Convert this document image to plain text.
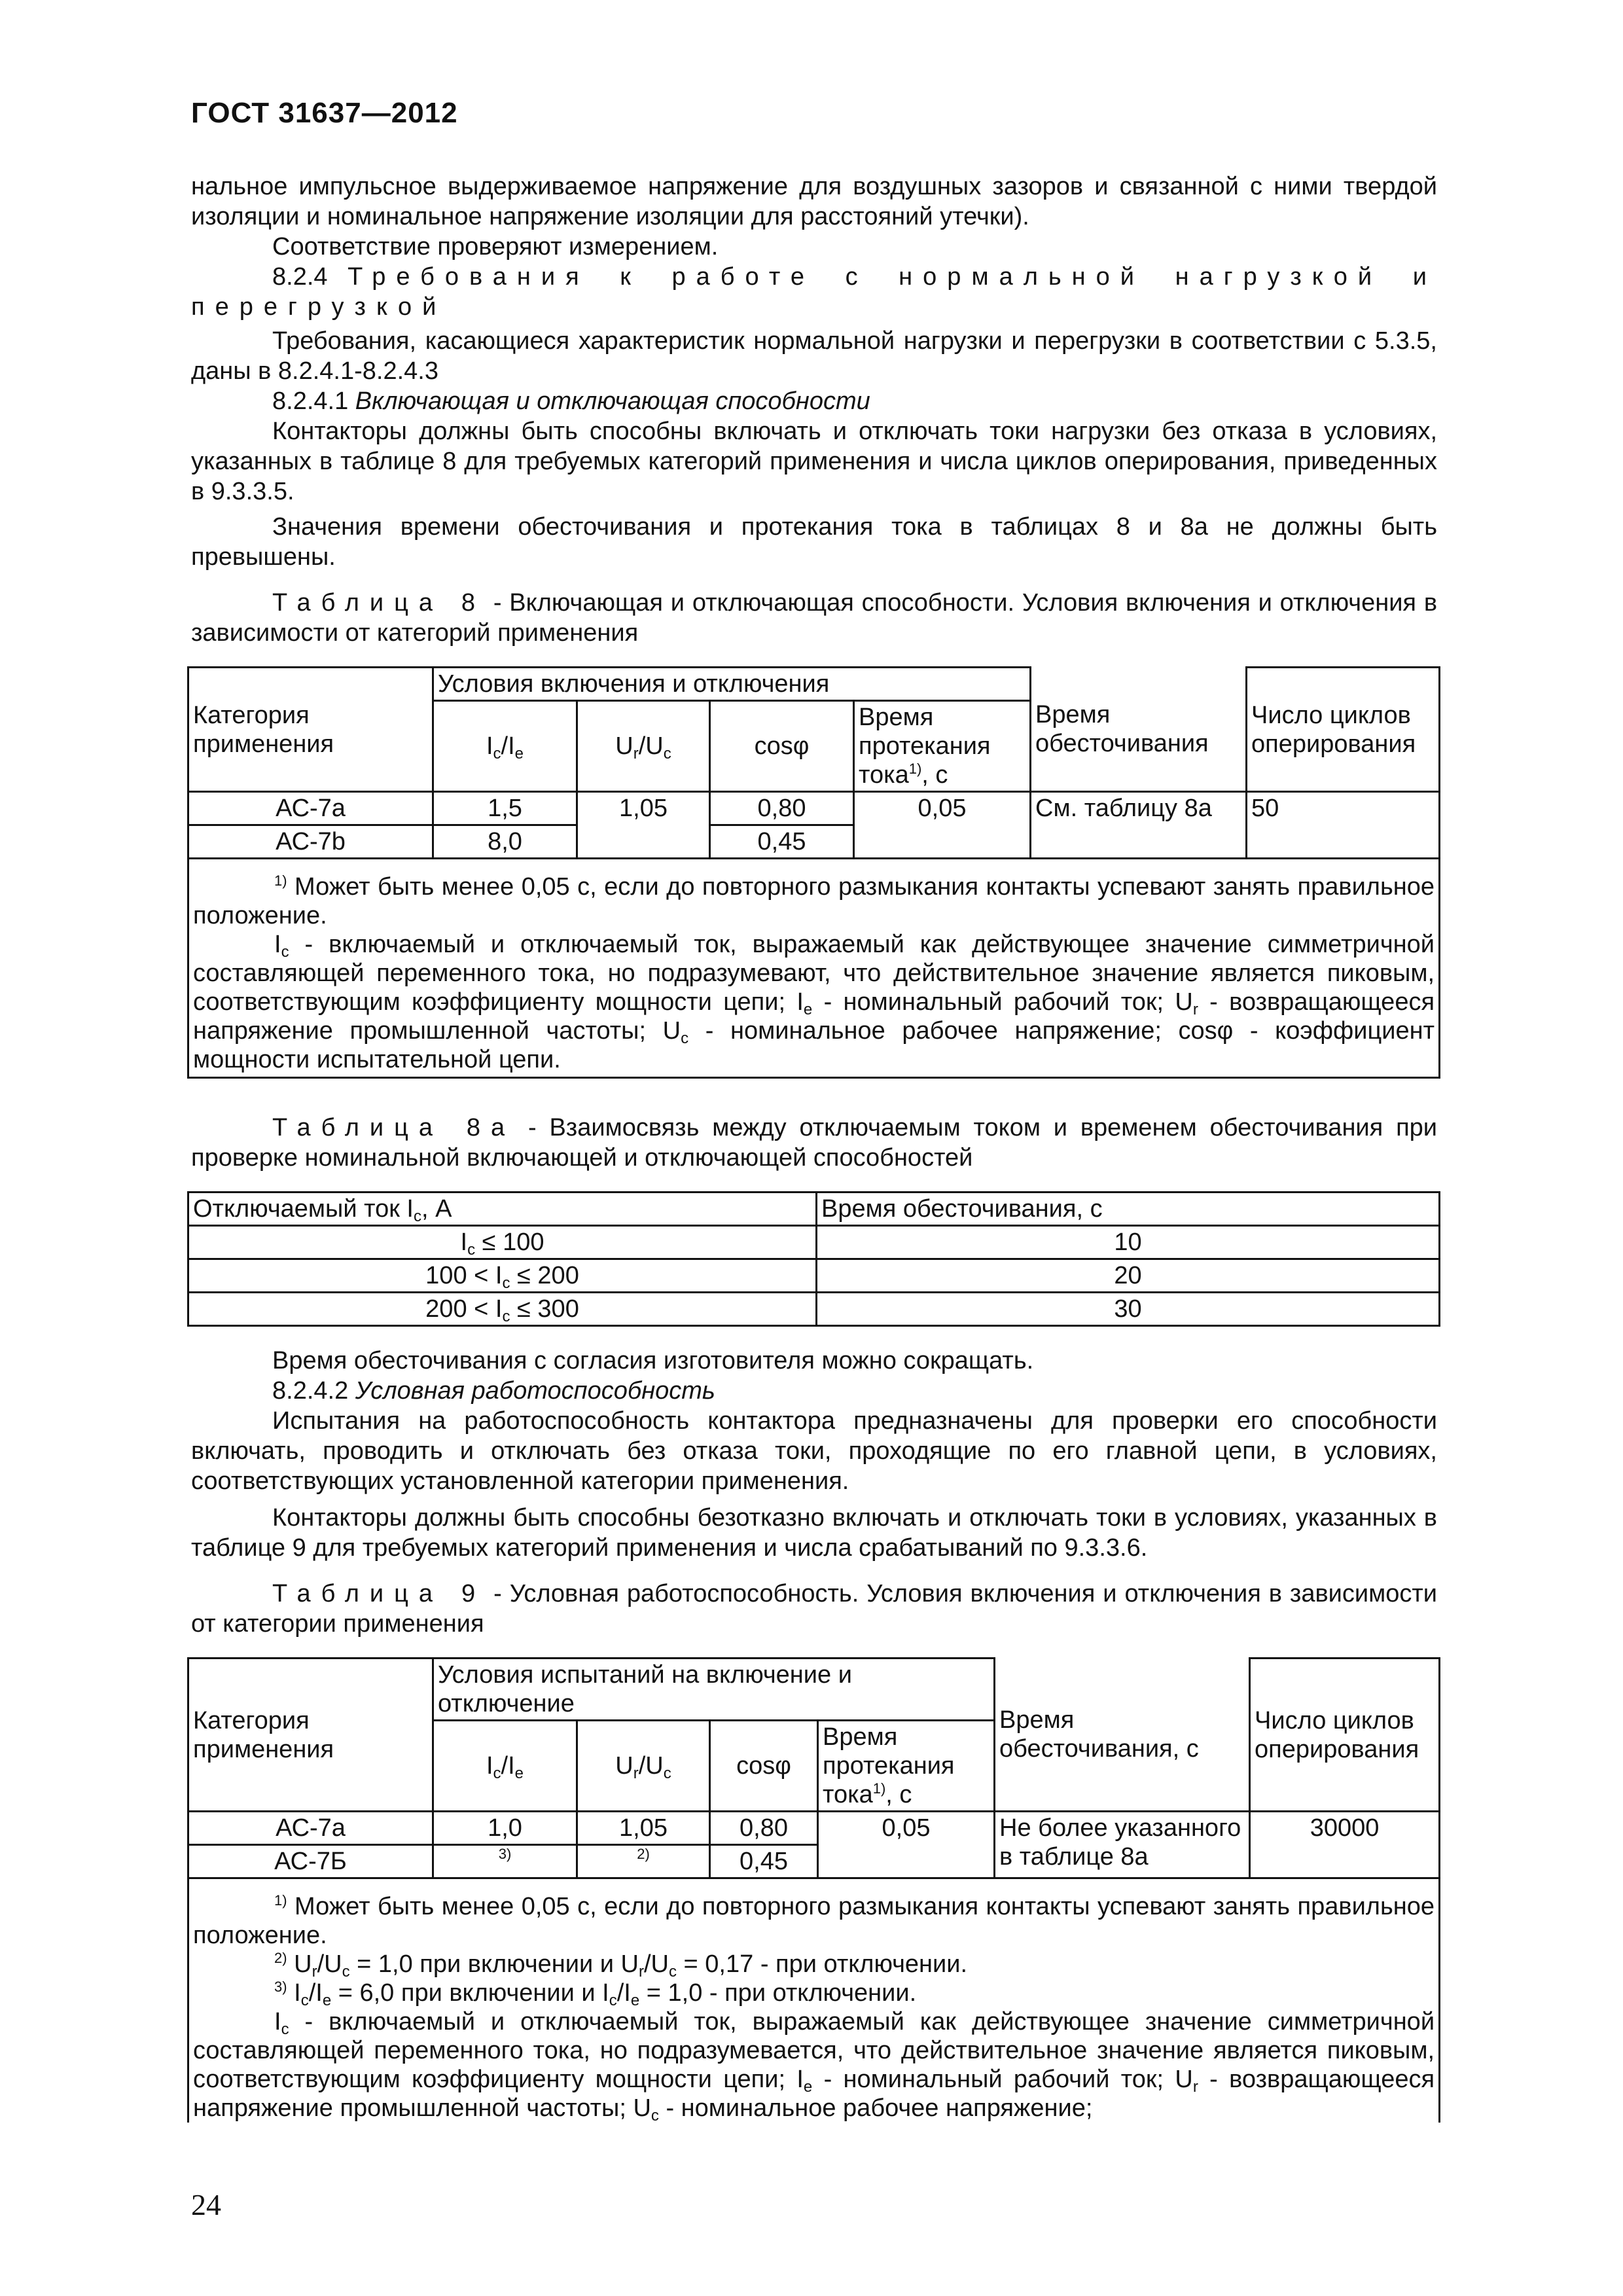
ГОСТ 31637—2012
нальное импульсное выдерживаемое напряжение для воздушных зазоров и связанной с ними твердой изоляции и номинальное напряжение изоляции для расстояний утечки).
Соответствие проверяют измерением.
8.2.4 Требования к работе с нормальной нагрузкой и перегрузкой
Требования, касающиеся характеристик нормальной нагрузки и перегрузки в соответствии с 5.3.5, даны в 8.2.4.1-8.2.4.3
8.2.4.1 Включающая и отключающая способности
Контакторы должны быть способны включать и отключать токи нагрузки без отказа в условиях, указанных в таблице 8 для требуемых категорий применения и числа циклов оперирования, приведенных в 9.3.3.5.
Значения времени обесточивания и протекания тока в таблицах 8 и 8а не должны быть превышены.
Таблица 8 - Включающая и отключающая способности. Условия включения и отключения в зависимости от категорий применения
Категория применения	Условия включения и отключения				Время обесточивания	Число циклов оперирования
	$I_c/I_e$	$U_r/U_c$	cosφ	Время протекания тока$^{1)}$, с		
АС-7а	1,5	1,05	0,80	0,05	См. таблицу 8а	50
АС-7b	8,0		0,45			

$^{1)}$ Может быть менее 0,05 с, если до повторного размыкания контакты успевают занять правильное положение.
$I_c$ - включаемый и отключаемый ток, выражаемый как действующее значение симметричной составляющей переменного тока, но подразумевают, что действительное значение является пиковым, соответствующим коэффициенту мощности цепи; $I_e$ - номинальный рабочий ток; $U_r$ - возвращающееся напряжение промышленной частоты; $U_c$ - номинальное рабочее напряжение; cosφ - коэффициент мощности испытательной цепи.						
Таблица 8а - Взаимосвязь между отключаемым током и временем обесточивания при проверке номинальной включающей и отключающей способностей
Отключаемый ток $I_c$, А	Время обесточивания, с
$I_c \le 100$	10
$100 < I_c \le 200$	20
$200 < I_c \le 300$	30
Время обесточивания с согласия изготовителя можно сокращать.
8.2.4.2 Условная работоспособность
Испытания на работоспособность контактора предназначены для проверки его способности включать, проводить и отключать без отказа токи, проходящие по его главной цепи, в условиях, соответствующих установленной категории применения.
Контакторы должны быть способны безотказно включать и отключать токи в условиях, указанных в таблице 9 для требуемых категорий применения и числа срабатываний по 9.3.3.6.
Таблица 9 - Условная работоспособность. Условия включения и отключения в зависимости от категории применения
Категория применения	Условия испытаний на включение и отключение				Время обесточивания, с	Число циклов оперирования
	$I_c/I_e$	$U_r/U_c$	cosφ	Время протекания тока$^{1)}$, с		
АС-7а	1,0	1,05	0,80	0,05	Не более указанного в таблице 8а	30000
АС-7Б	3)	2)	0,45			

$^{1)}$ Может быть менее 0,05 с, если до повторного размыкания контакты успевают занять правильное положение.
$^{2)}$ $U_r/U_c = 1,0$ при включении и $U_r/U_c = 0,17$ - при отключении.
$^{3)}$ $I_c/I_e = 6,0$ при включении и $I_c/I_e = 1,0$ - при отключении.
$I_c$ - включаемый и отключаемый ток, выражаемый как действующее значение симметричной составляющей переменного тока, но подразумевается, что действительное значение является пиковым, соответствующим коэффициенту мощности цепи; $I_e$ - номинальный рабочий ток; $U_r$ - возвращающееся напряжение промышленной частоты; $U_c$ - номинальное рабочее напряжение;						
24
